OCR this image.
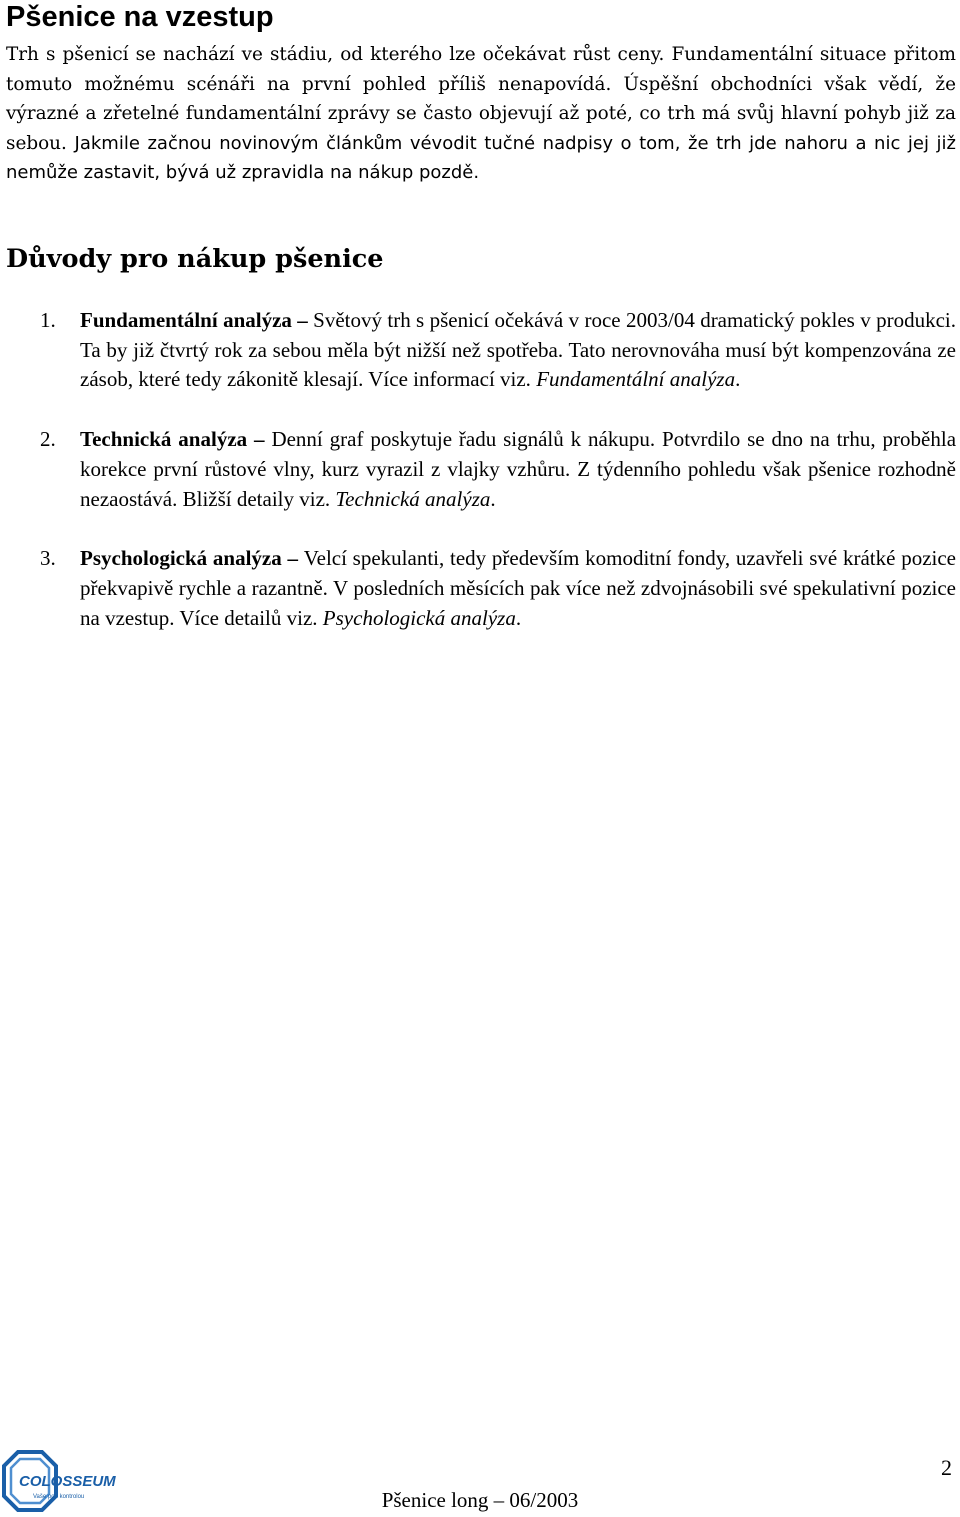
Pšenice na vzestup

Trh s pšenicí se nachází ve stádiu, od kterého lze očekávat růst ceny. Fundamentální situace přitom tomuto možnému scénáři na první pohled příliš nenapovídá. Úspěšní obchodníci však vědí, že výrazné a zřetelné fundamentální zprávy se často objevují až poté, co trh má svůj hlavní pohyb již za sebou. Jakmile začnou novinovým článkům vévodit tučné nadpisy o tom, že trh jde nahoru a nic jej již nemůže zastavit, bývá už zpravidla na nákup pozdě.

Důvody pro nákup pšenice
1.	Fundamentální analýza – Světový trh s pšenicí očekává v roce 2003/04 dramatický pokles v produkci. Ta by již čtvrtý rok za sebou měla být nižší než spotřeba. Tato nerovnováha musí být kompenzována ze zásob, které tedy zákonitě klesají. Více informací viz. Fundamentální analýza.
2.	Technická analýza – Denní graf poskytuje řadu signálů k nákupu. Potvrdilo se dno na trhu, proběhla korekce první růstové vlny, kurz vyrazil z vlajky vzhůru. Z týdenního pohledu však pšenice rozhodně nezaostává. Bližší detaily viz. Technická analýza.
3.	Psychologická analýza – Velcí spekulanti, tedy především komoditní fondy, uzavřeli své krátké pozice překvapivě rychle a razantně. V posledních měsících pak více než zdvojnásobili své spekulativní pozice na vzestup. Více detailů viz. Psychologická analýza.
COLOSSEUM
Vaše pod kontrolou
2
Pšenice long – 06/2003
